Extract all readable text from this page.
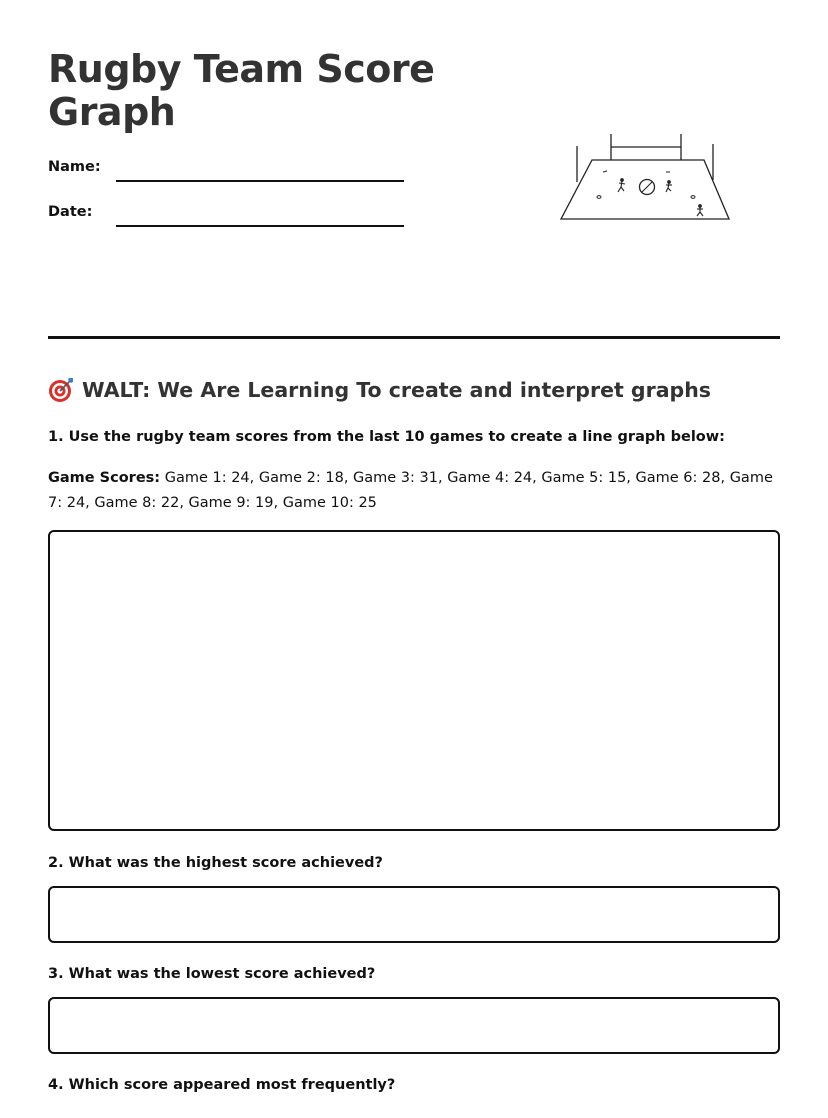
Rugby Team Score Graph
Name:
Date:
WALT: We Are Learning To create and interpret graphs
1. Use the rugby team scores from the last 10 games to create a line graph below:
Game Scores: Game 1: 24, Game 2: 18, Game 3: 31, Game 4: 24, Game 5: 15, Game 6: 28, Game 7: 24, Game 8: 22, Game 9: 19, Game 10: 25
2. What was the highest score achieved?
3. What was the lowest score achieved?
4. Which score appeared most frequently?
